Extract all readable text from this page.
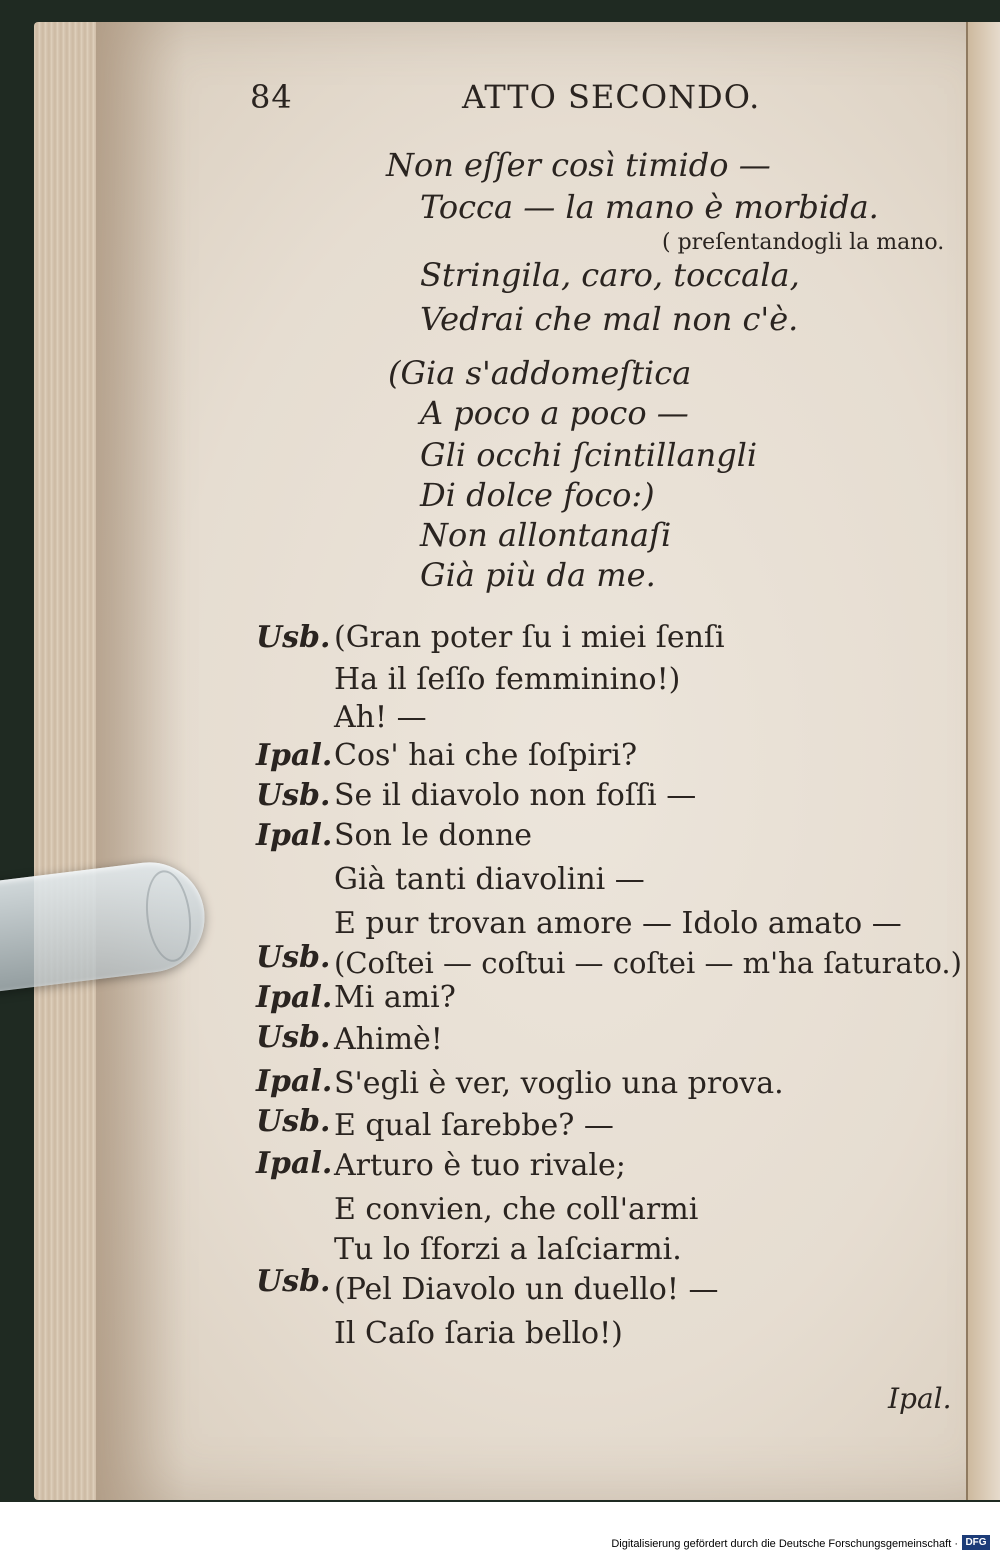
84	ATTO SECONDO.
Non eſſer così timido —
Tocca — la mano è morbida.
( preſentandogli la mano.
Stringila, caro, toccala,
Vedrai che mal non c'è.
(Gia s'addomeſtica
A poco a poco —
Gli occhi ſcintillangli
Di dolce foco:)
Non allontanaſi
Già più da me.
Usb. (Gran poter ſu i miei ſenſi
Ha il ſeſſo femminino!)
Ah! —
Ipal. Cos' hai che ſoſpiri?
Usb. Se il diavolo non foſſi —
Ipal. Son le donne
Già tanti diavolini —
E pur trovan amore — Idolo amato —
Usb. (Coſtei — coſtui — coſtei — m'ha ſaturato.)
Ipal. Mi ami?
Usb. Ahimè!
Ipal. S'egli è ver, voglio una prova.
Usb. E qual ſarebbe? —
Ipal. Arturo è tuo rivale;
E convien, che coll'armi
Tu lo ſforzi a laſciarmi.
Usb. (Pel Diavolo un duello! —
Il Caſo ſaria bello!)
Ipal.
Digitalisierung gefördert durch die Deutsche Forschungsgemeinschaft · DFG
